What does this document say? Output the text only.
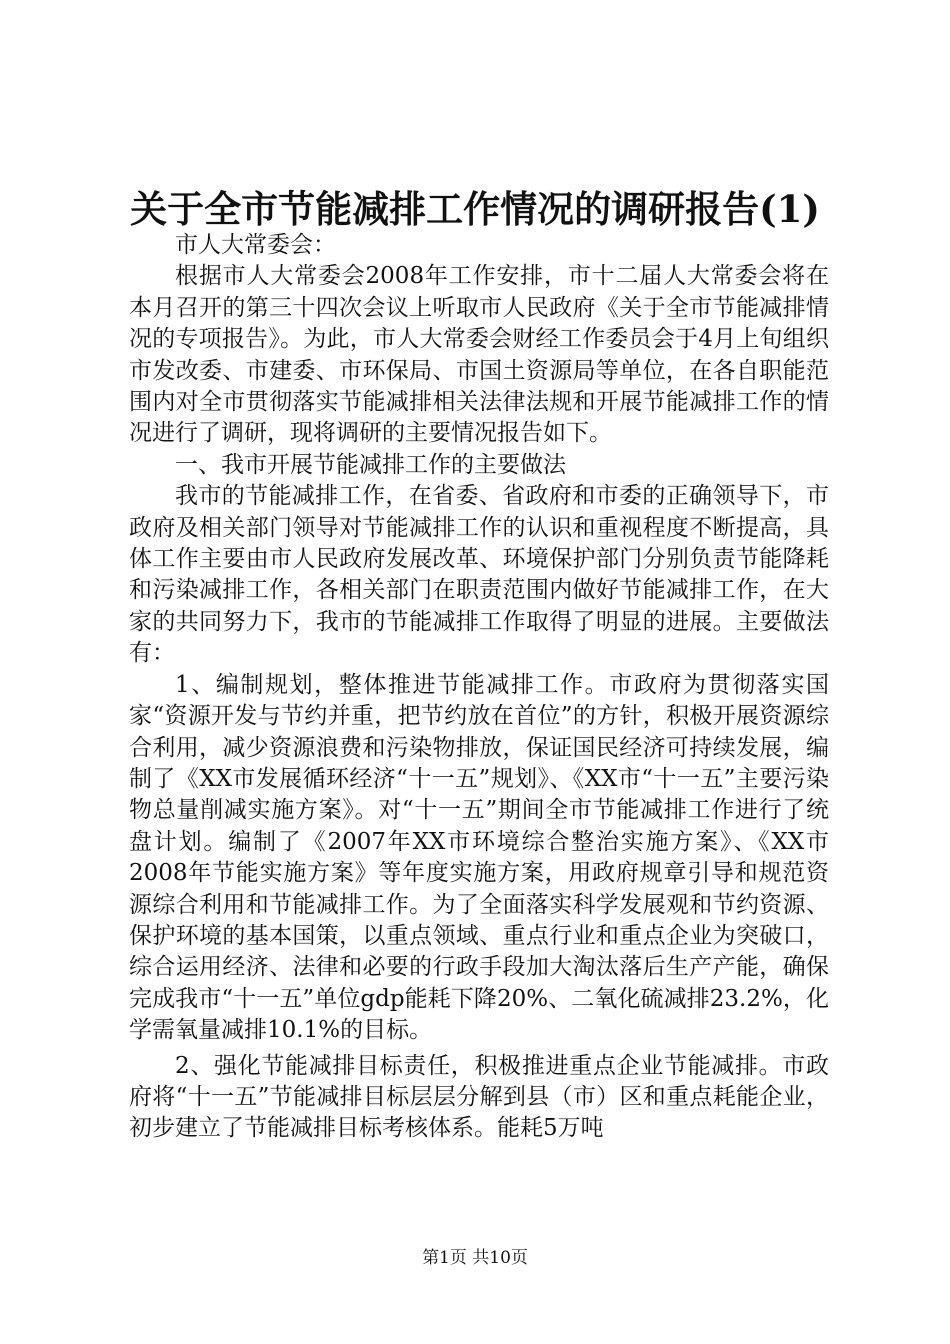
关于全市节能减排工作情况的调研报告(1)

市人大常委会：

根据市人大常委会2008年工作安排，市十二届人大常委会将在本月召开的第三十四次会议上听取市人民政府《关于全市节能减排情况的专项报告》。为此，市人大常委会财经工作委员会于4月上旬组织市发改委、市建委、市环保局、市国土资源局等单位，在各自职能范围内对全市贯彻落实节能减排相关法律法规和开展节能减排工作的情况进行了调研，现将调研的主要情况报告如下。

一、我市开展节能减排工作的主要做法

我市的节能减排工作，在省委、省政府和市委的正确领导下，市政府及相关部门领导对节能减排工作的认识和重视程度不断提高，具体工作主要由市人民政府发展改革、环境保护部门分别负责节能降耗和污染减排工作，各相关部门在职责范围内做好节能减排工作，在大家的共同努力下，我市的节能减排工作取得了明显的进展。主要做法有：

1、编制规划，整体推进节能减排工作。市政府为贯彻落实国家“资源开发与节约并重，把节约放在首位”的方针，积极开展资源综合利用，减少资源浪费和污染物排放，保证国民经济可持续发展，编制了《XX市发展循环经济“十一五”规划》、《XX市“十一五”主要污染物总量削减实施方案》。对“十一五”期间全市节能减排工作进行了统盘计划。编制了《2007年XX市环境综合整治实施方案》、《XX市2008年节能实施方案》等年度实施方案，用政府规章引导和规范资源综合利用和节能减排工作。为了全面落实科学发展观和节约资源、保护环境的基本国策，以重点领域、重点行业和重点企业为突破口，综合运用经济、法律和必要的行政手段加大淘汰落后生产产能，确保完成我市“十一五”单位gdp能耗下降20%、二氧化硫减排23.2%，化学需氧量减排10.1%的目标。

2、强化节能减排目标责任，积极推进重点企业节能减排。市政府将“十一五”节能减排目标层层分解到县（市）区和重点耗能企业，初步建立了节能减排目标考核体系。能耗5万吨

第1页 共10页
